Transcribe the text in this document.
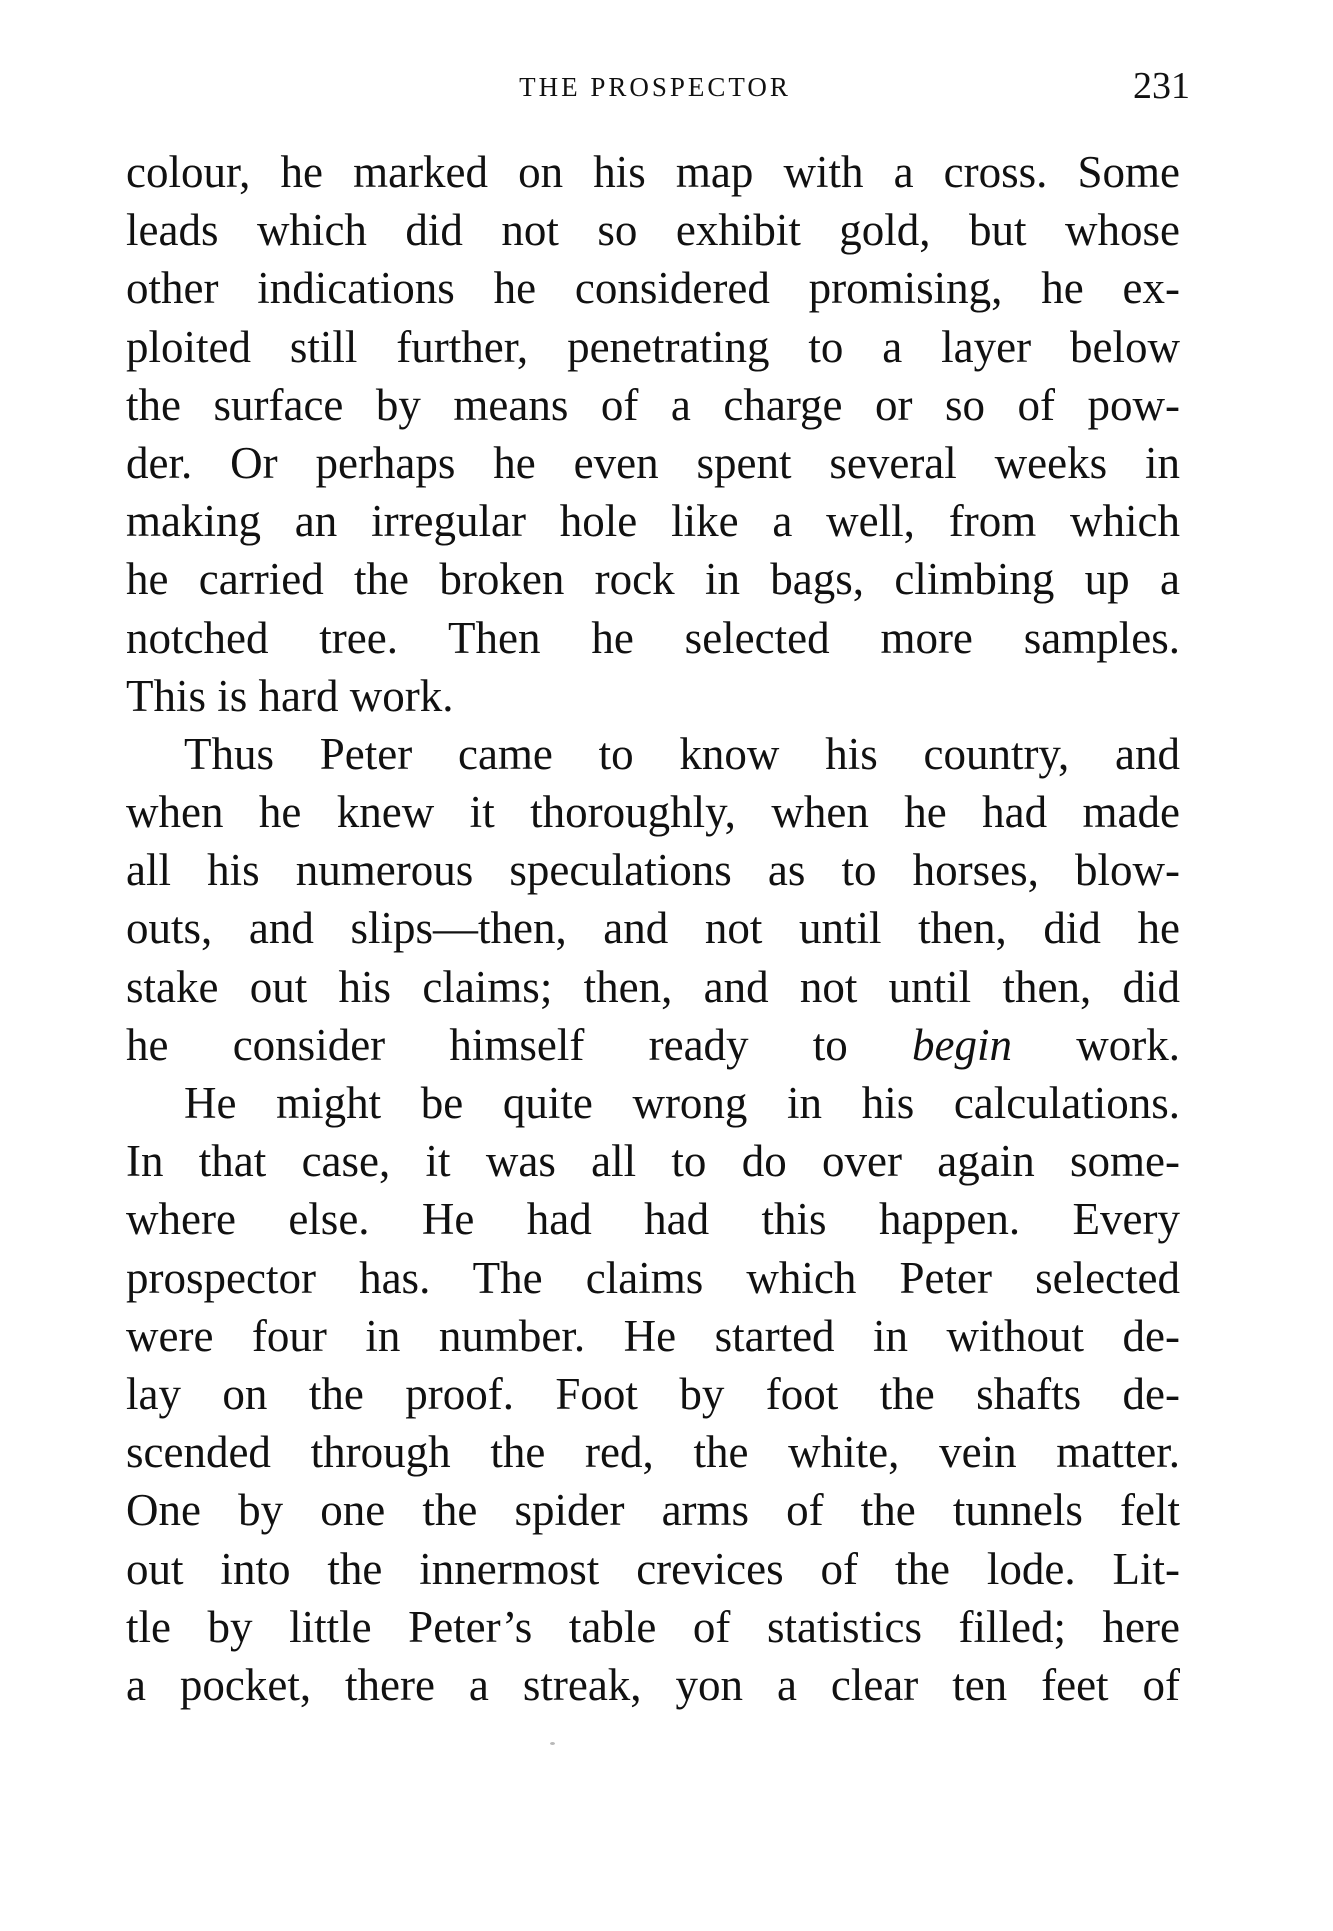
THE PROSPECTOR	231
colour, he marked on his map with a cross. Some
leads which did not so exhibit gold, but whose
other indications he considered promising, he ex-
ploited still further, penetrating to a layer below
the surface by means of a charge or so of pow-
der. Or perhaps he even spent several weeks in
making an irregular hole like a well, from which
he carried the broken rock in bags, climbing up a
notched tree. Then he selected more samples.
This is hard work.
Thus Peter came to know his country, and
when he knew it thoroughly, when he had made
all his numerous speculations as to horses, blow-
outs, and slips—then, and not until then, did he
stake out his claims; then, and not until then, did
he consider himself ready to begin work.
He might be quite wrong in his calculations.
In that case, it was all to do over again some-
where else. He had had this happen. Every
prospector has. The claims which Peter selected
were four in number. He started in without de-
lay on the proof. Foot by foot the shafts de-
scended through the red, the white, vein matter.
One by one the spider arms of the tunnels felt
out into the innermost crevices of the lode. Lit-
tle by little Peter’s table of statistics filled; here
a pocket, there a streak, yon a clear ten feet of
